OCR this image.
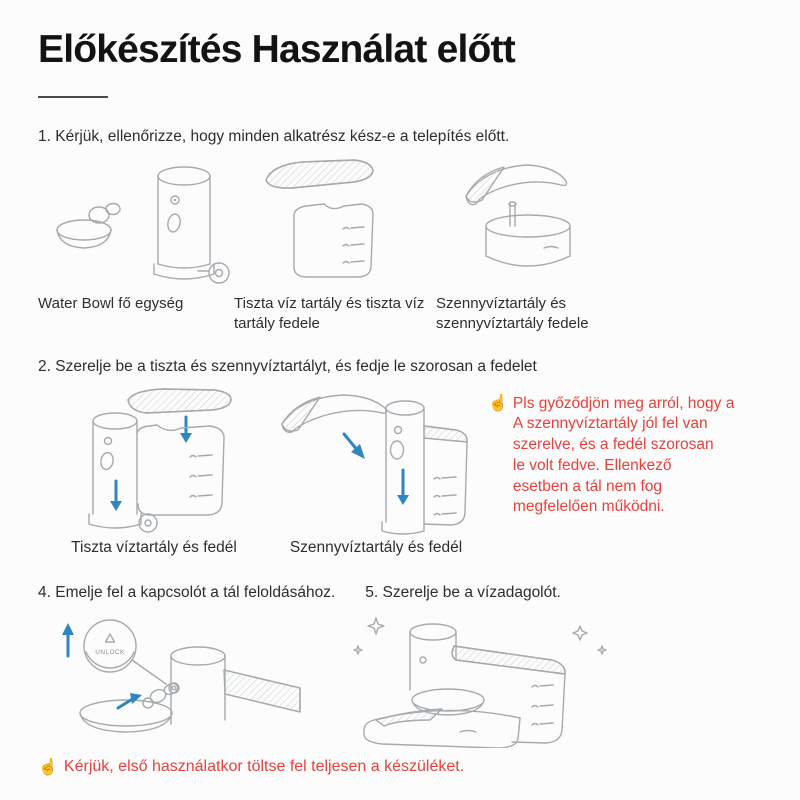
Előkészítés Használat előtt

1. Kérjük, ellenőrizze, hogy minden alkatrész kész-e a telepítés előtt.

Water Bowl fő egység	Tiszta víz tartály és tiszta víz tartály fedele
Szennyvíztartály és szennyvíztartály fedele

2. Szerelje be a tiszta és szennyvíztartályt, és fedje le szorosan a fedelet

Tiszta víztartály és fedél	Szennyvíztartály és fedél
☝ Pls győződjön meg arról, hogy a
A szennyvíztartály jól fel van
szerelve, és a fedél szorosan
le volt fedve. Ellenkező
esetben a tál nem fog
megfelelően működni.

4. Emelje fel a kapcsolót a tál feloldásához. 5. Szerelje be a vízadagolót.

UNLOCK
☝ Kérjük, első használatkor töltse fel teljesen a készüléket.
